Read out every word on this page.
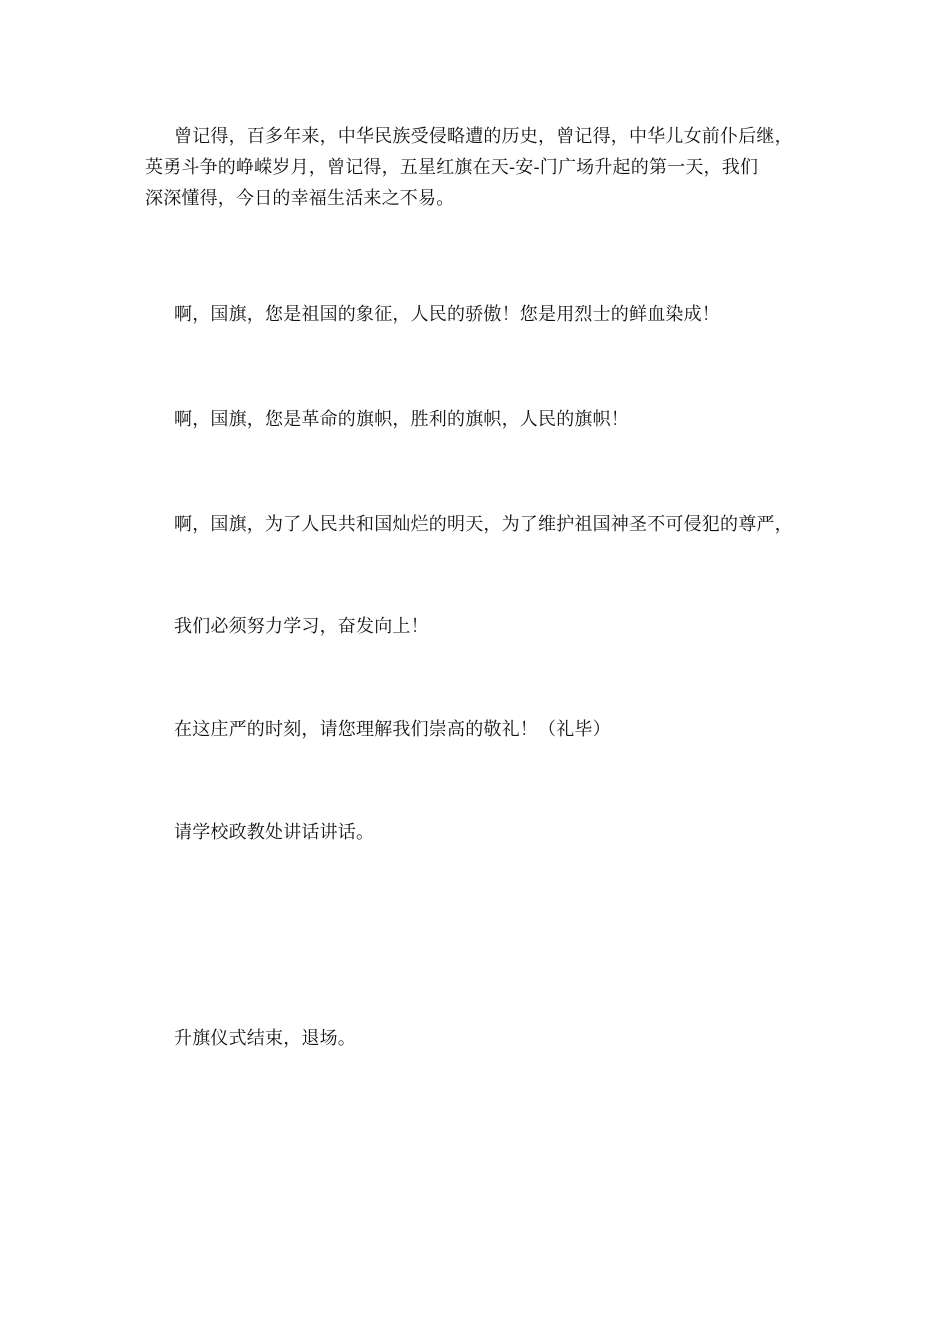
曾记得，百多年来，中华民族受侵略遭的历史，曾记得，中华儿女前仆后继，
英勇斗争的峥嵘岁月，曾记得，五星红旗在天-安-门广场升起的第一天，我们
深深懂得，今日的幸福生活来之不易。

啊，国旗，您是祖国的象征，人民的骄傲！您是用烈士的鲜血染成！

啊，国旗，您是革命的旗帜，胜利的旗帜，人民的旗帜！

啊，国旗，为了人民共和国灿烂的明天，为了维护祖国神圣不可侵犯的尊严，

我们必须努力学习，奋发向上！

在这庄严的时刻，请您理解我们崇高的敬礼！（礼毕）

请学校政教处讲话讲话。

升旗仪式结束，退场。
